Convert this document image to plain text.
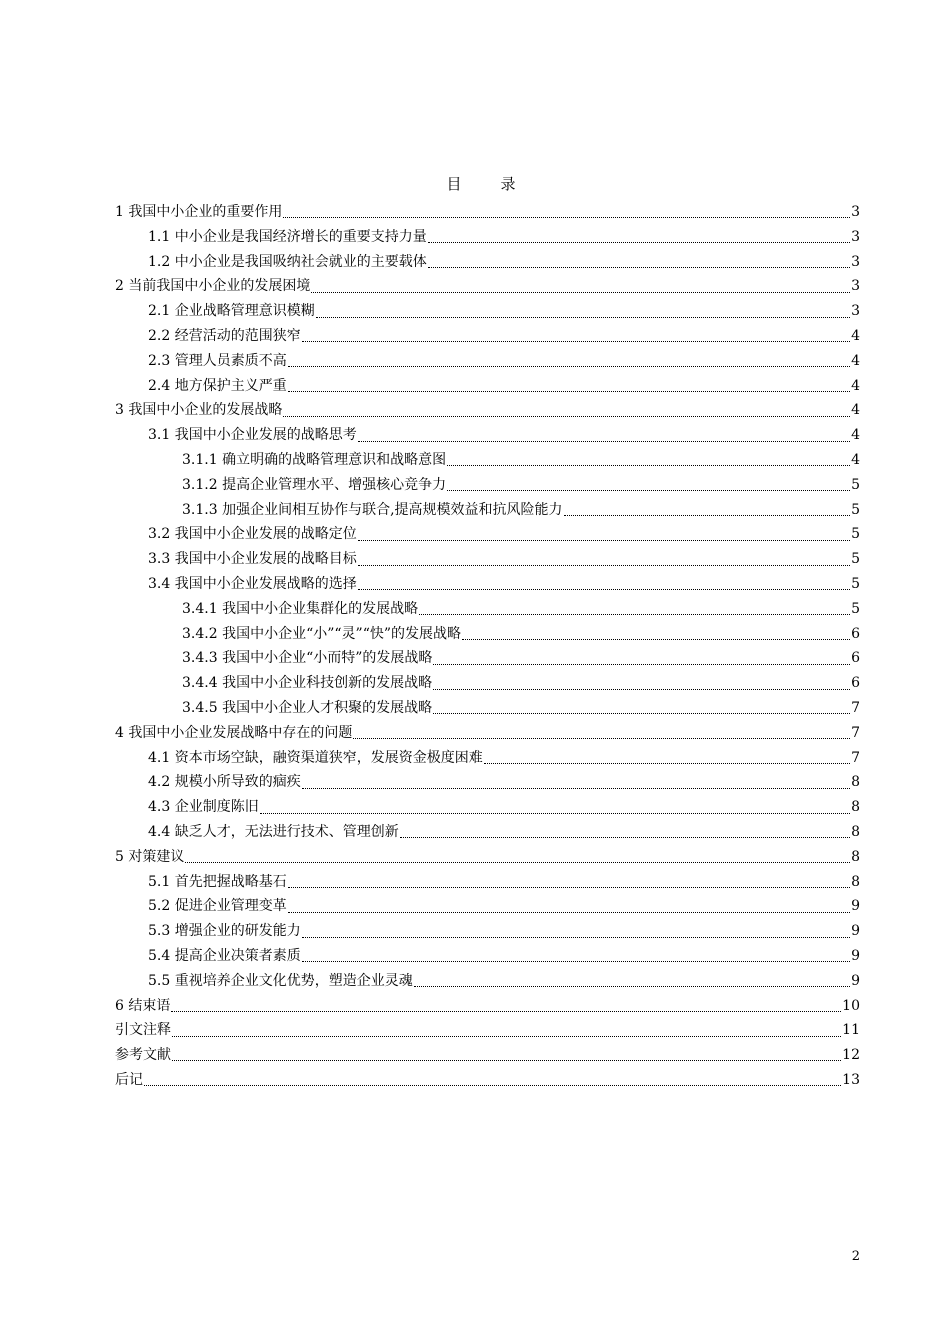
目　录
1 我国中小企业的重要作用	3
1.1 中小企业是我国经济增长的重要支持力量	3
1.2 中小企业是我国吸纳社会就业的主要载体	3
2 当前我国中小企业的发展困境	3
2.1 企业战略管理意识模糊	3
2.2 经营活动的范围狭窄	4
2.3 管理人员素质不高	4
2.4 地方保护主义严重	4
3 我国中小企业的发展战略	4
3.1 我国中小企业发展的战略思考	4
3.1.1 确立明确的战略管理意识和战略意图	4
3.1.2 提高企业管理水平、增强核心竞争力	5
3.1.3 加强企业间相互协作与联合,提高规模效益和抗风险能力	5
3.2 我国中小企业发展的战略定位	5
3.3 我国中小企业发展的战略目标	5
3.4 我国中小企业发展战略的选择	5
3.4.1 我国中小企业集群化的发展战略	5
3.4.2 我国中小企业“小”“灵”“快”的发展战略	6
3.4.3 我国中小企业“小而特”的发展战略	6
3.4.4 我国中小企业科技创新的发展战略	6
3.4.5 我国中小企业人才积聚的发展战略	7
4 我国中小企业发展战略中存在的问题	7
4.1 资本市场空缺，融资渠道狭窄，发展资金极度困难	7
4.2 规模小所导致的痼疾	8
4.3 企业制度陈旧	8
4.4 缺乏人才，无法进行技术、管理创新	8
5 对策建议	8
5.1 首先把握战略基石	8
5.2 促进企业管理变革	9
5.3 增强企业的研发能力	9
5.4 提高企业决策者素质	9
5.5 重视培养企业文化优势，塑造企业灵魂	9
6 结束语	10
引文注释	11
参考文献	12
后记	13
2
